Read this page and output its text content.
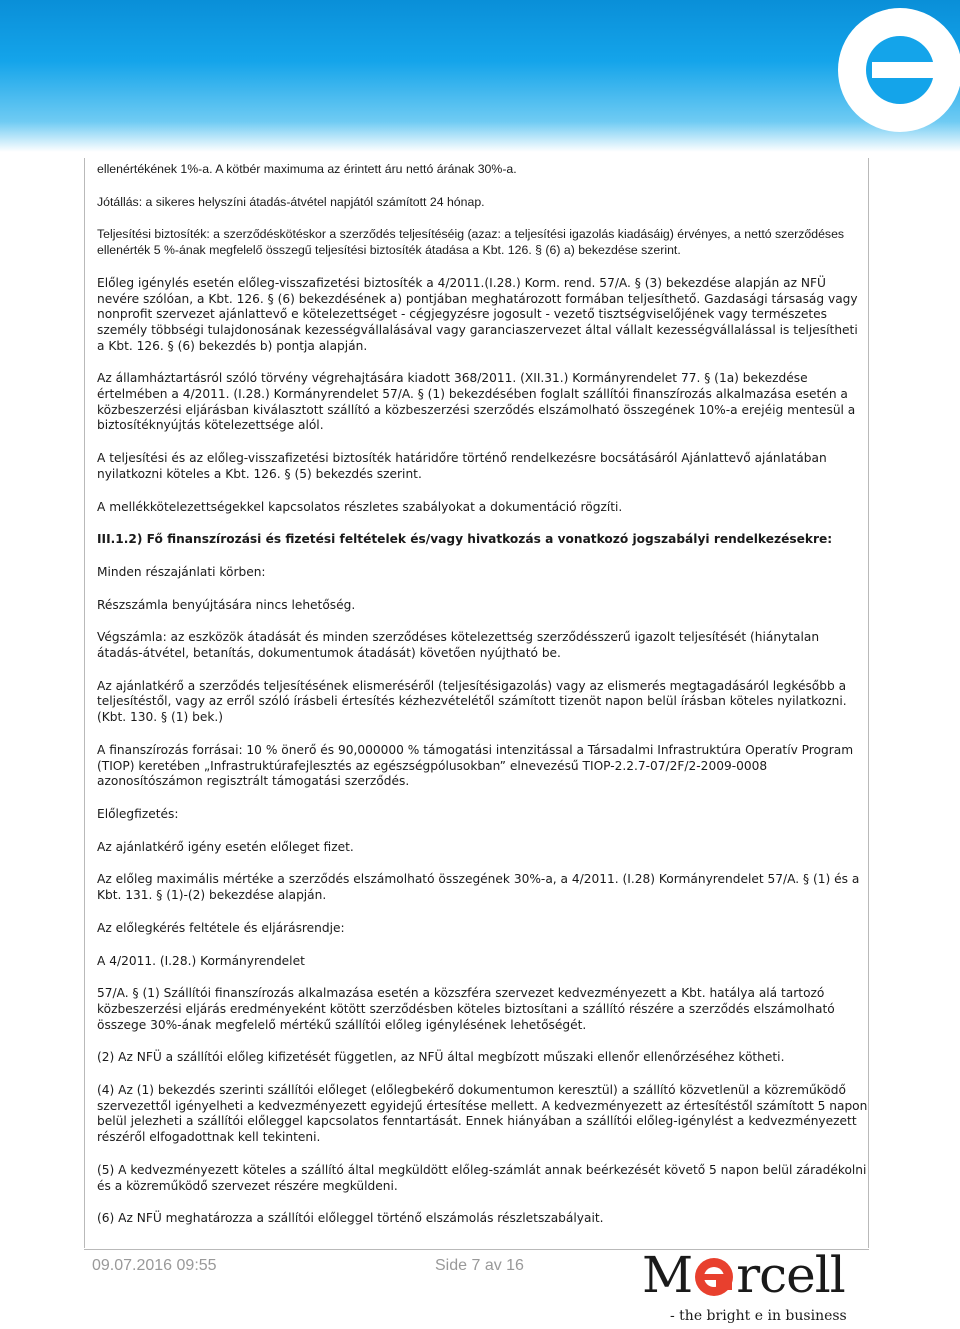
ellenértékének 1%-a. A kötbér maximuma az érintett áru nettó árának 30%-a.

Jótállás: a sikeres helyszíni átadás-átvétel napjától számított 24 hónap.

Teljesítési biztosíték: a szerződéskötéskor a szerződés teljesítéséig (azaz: a teljesítési igazolás kiadásáig) érvényes, a nettó szerződéses ellenérték 5 %-ának megfelelő összegű teljesítési biztosíték átadása a Kbt. 126. § (6) a) bekezdése szerint.

Előleg igénylés esetén előleg-visszafizetési biztosíték a 4/2011.(I.28.) Korm. rend. 57/A. § (3) bekezdése alapján az NFÜ nevére szólóan, a Kbt. 126. § (6) bekezdésének a) pontjában meghatározott formában teljesíthető. Gazdasági társaság vagy nonprofit szervezet ajánlattevő e kötelezettséget - cégjegyzésre jogosult - vezető tisztségviselőjének vagy természetes személy többségi tulajdonosának kezességvállalásával vagy garanciaszervezet által vállalt kezességvállalással is teljesítheti a Kbt. 126. § (6) bekezdés b) pontja alapján.

Az államháztartásról szóló törvény végrehajtására kiadott 368/2011. (XII.31.) Kormányrendelet 77. § (1a) bekezdése értelmében a 4/2011. (I.28.) Kormányrendelet 57/A. § (1) bekezdésében foglalt szállítói finanszírozás alkalmazása esetén a közbeszerzési eljárásban kiválasztott szállító a közbeszerzési szerződés elszámolható összegének 10%-a erejéig mentesül a biztosítéknyújtás kötelezettsége alól.

A teljesítési és az előleg-visszafizetési biztosíték határidőre történő rendelkezésre bocsátásáról Ajánlattevő ajánlatában nyilatkozni köteles a Kbt. 126. § (5) bekezdés szerint.

A mellékkötelezettségekkel kapcsolatos részletes szabályokat a dokumentáció rögzíti.

III.1.2) Fő finanszírozási és fizetési feltételek és/vagy hivatkozás a vonatkozó jogszabályi rendelkezésekre:

Minden részajánlati körben:

Részszámla benyújtására nincs lehetőség.

Végszámla: az eszközök átadását és minden szerződéses kötelezettség szerződésszerű igazolt teljesítését (hiánytalan átadás-átvétel, betanítás, dokumentumok átadását) követően nyújtható be.

Az ajánlatkérő a szerződés teljesítésének elismeréséről (teljesítésigazolás) vagy az elismerés megtagadásáról legkésőbb a teljesítéstől, vagy az erről szóló írásbeli értesítés kézhezvételétől számított tizenöt napon belül írásban köteles nyilatkozni. (Kbt. 130. § (1) bek.)

A finanszírozás forrásai: 10 % önerő és 90,000000 % támogatási intenzitással a Társadalmi Infrastruktúra Operatív Program (TIOP) keretében „Infrastruktúrafejlesztés az egészségpólusokban” elnevezésű TIOP-2.2.7-07/2F/2-2009-0008 azonosítószámon regisztrált támogatási szerződés.

Előlegfizetés:

Az ajánlatkérő igény esetén előleget fizet.

Az előleg maximális mértéke a szerződés elszámolható összegének 30%-a, a 4/2011. (I.28) Kormányrendelet 57/A. § (1) és a Kbt. 131. § (1)-(2) bekezdése alapján.

Az előlegkérés feltétele és eljárásrendje:

A 4/2011. (I.28.) Kormányrendelet

57/A. § (1) Szállítói finanszírozás alkalmazása esetén a közszféra szervezet kedvezményezett a Kbt. hatálya alá tartozó közbeszerzési eljárás eredményeként kötött szerződésben köteles biztosítani a szállító részére a szerződés elszámolható összege 30%-ának megfelelő mértékű szállítói előleg igénylésének lehetőségét.

(2) Az NFÜ a szállítói előleg kifizetését független, az NFÜ által megbízott műszaki ellenőr ellenőrzéséhez kötheti.

(4) Az (1) bekezdés szerinti szállítói előleget (előlegbekérő dokumentumon keresztül) a szállító közvetlenül a közreműködő szervezettől igényelheti a kedvezményezett egyidejű értesítése mellett. A kedvezményezett az értesítéstől számított 5 napon belül jelezheti a szállítói előleggel kapcsolatos fenntartását. Ennek hiányában a szállítói előleg-igénylést a kedvezményezett részéről elfogadottnak kell tekinteni.

(5) A kedvezményezett köteles a szállító által megküldött előleg-számlát annak beérkezését követő 5 napon belül záradékolni és a közreműködő szervezet részére megküldeni.

(6) Az NFÜ meghatározza a szállítói előleggel történő elszámolás részletszabályait.

09.07.2016 09:55	Side 7 av 16 M rcell
- the bright e in business
